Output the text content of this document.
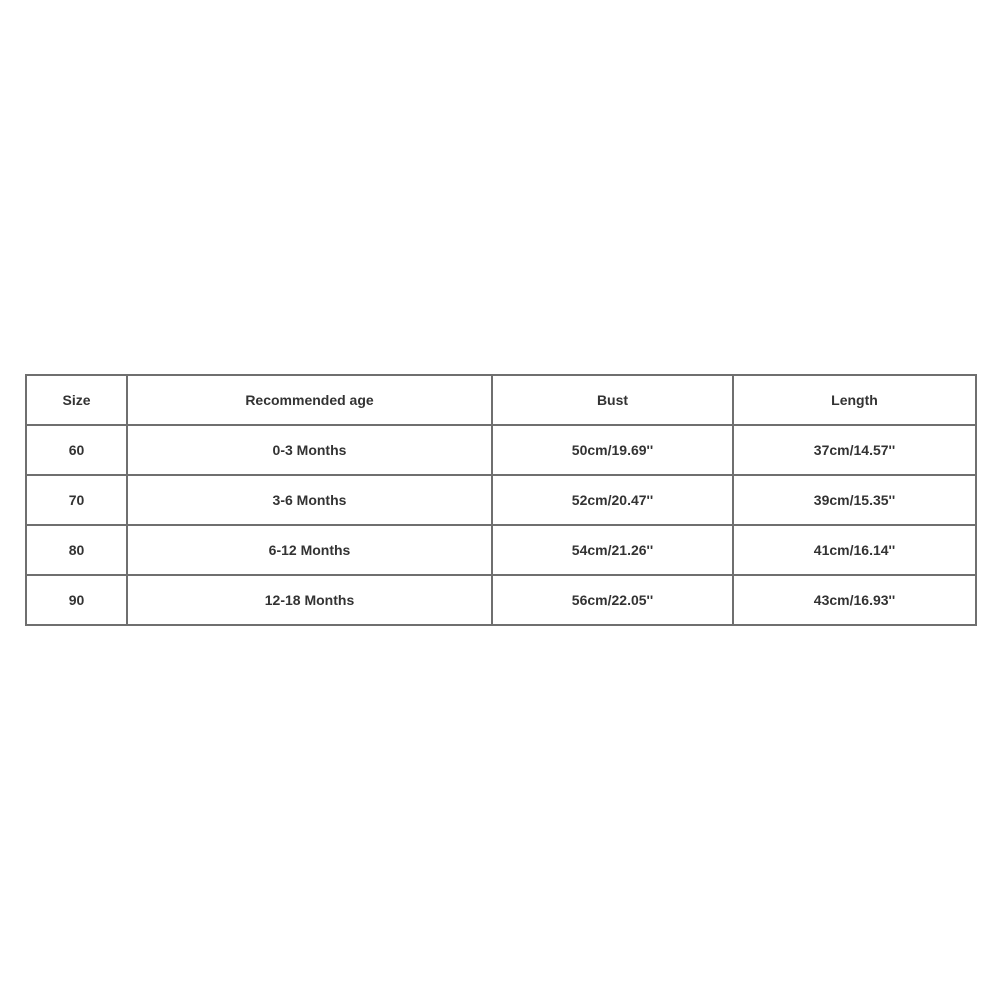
Size	Recommended age	Bust	Length
60	0-3 Months	50cm/19.69''	37cm/14.57''
70	3-6 Months	52cm/20.47''	39cm/15.35''
80	6-12 Months	54cm/21.26''	41cm/16.14''
90	12-18 Months	56cm/22.05''	43cm/16.93''
